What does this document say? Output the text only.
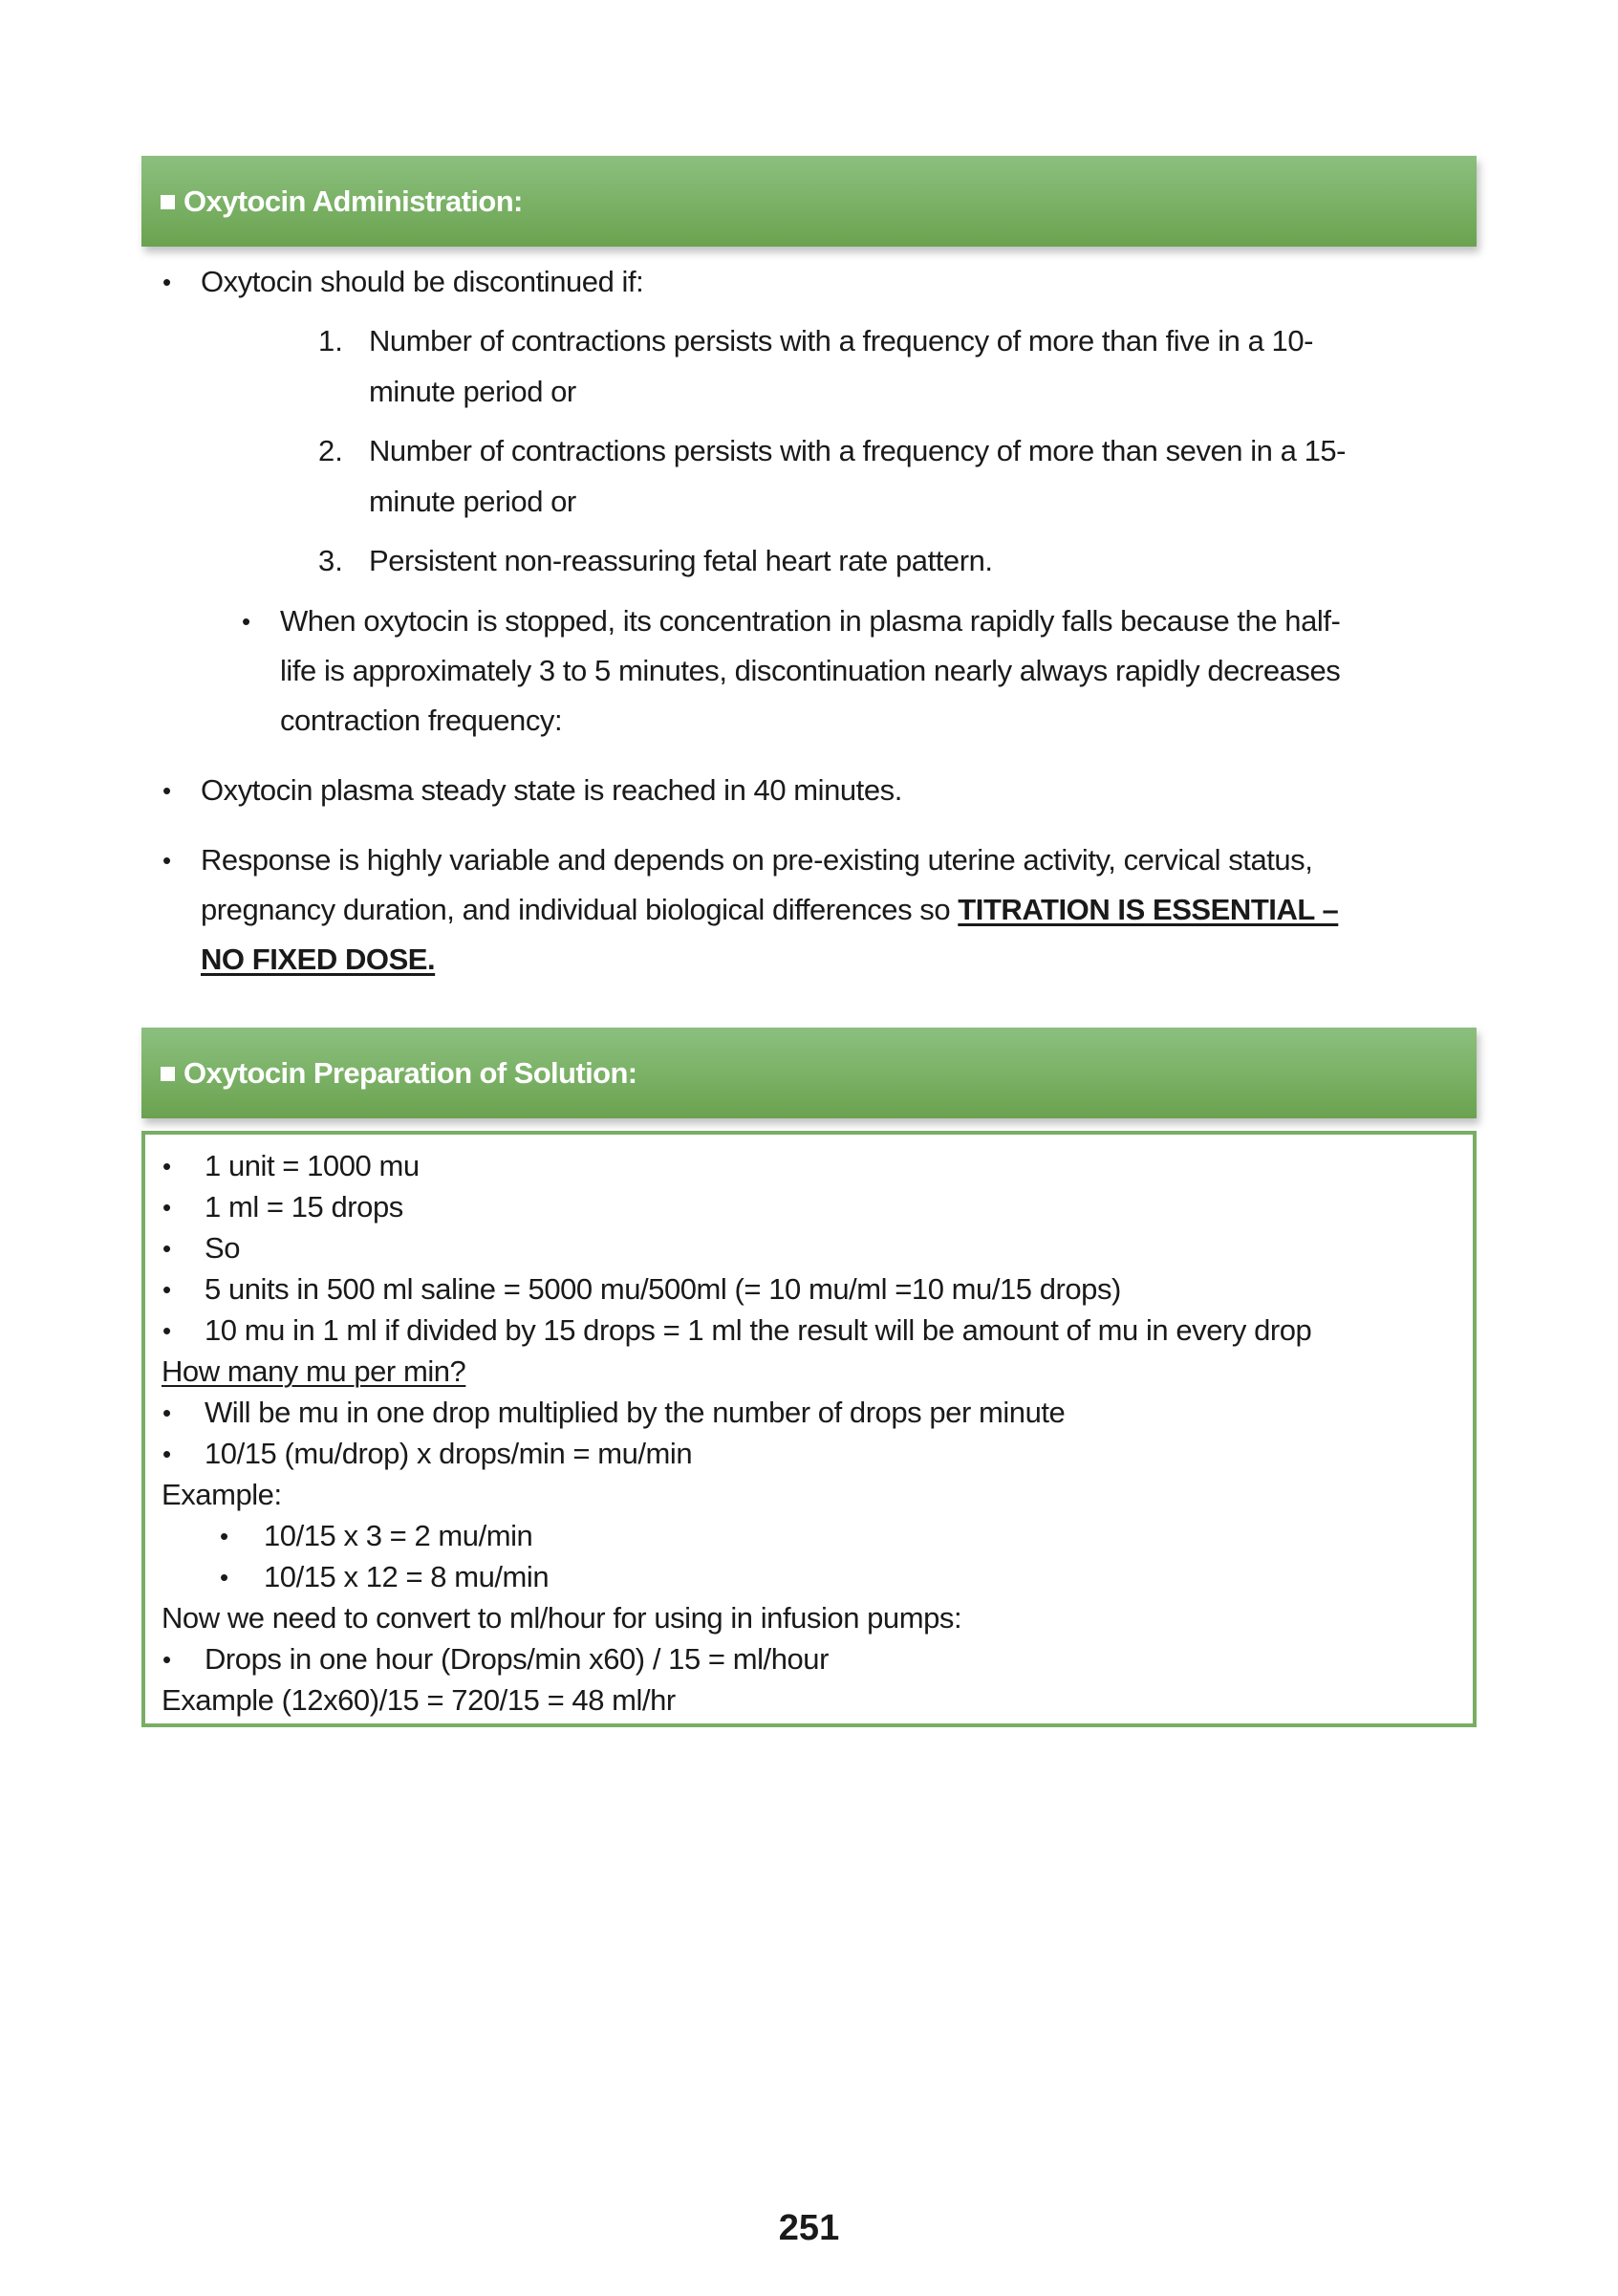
Oxytocin Administration:
• Oxytocin should be discontinued if:
1. Number of contractions persists with a frequency of more than five in a 10-
minute period or
2. Number of contractions persists with a frequency of more than seven in a 15-
minute period or
3. Persistent non-reassuring fetal heart rate pattern.
• When oxytocin is stopped, its concentration in plasma rapidly falls because the half-
life is approximately 3 to 5 minutes, discontinuation nearly always rapidly decreases
contraction frequency:
• Oxytocin plasma steady state is reached in 40 minutes.
• Response is highly variable and depends on pre-existing uterine activity, cervical status,
pregnancy duration, and individual biological differences so TITRATION IS ESSENTIAL –
NO FIXED DOSE.
Oxytocin Preparation of Solution:
• 1 unit = 1000 mu
• 1 ml = 15 drops
• So
• 5 units in 500 ml saline = 5000 mu/500ml (= 10 mu/ml =10 mu/15 drops)
• 10 mu in 1 ml if divided by 15 drops = 1 ml the result will be amount of mu in every drop
How many mu per min?
• Will be mu in one drop multiplied by the number of drops per minute
• 10/15 (mu/drop) x drops/min = mu/min
Example:
• 10/15 x 3 = 2 mu/min
• 10/15 x 12 = 8 mu/min
Now we need to convert to ml/hour for using in infusion pumps:
• Drops in one hour (Drops/min x60) / 15 = ml/hour
Example (12x60)/15 = 720/15 = 48 ml/hr
251
